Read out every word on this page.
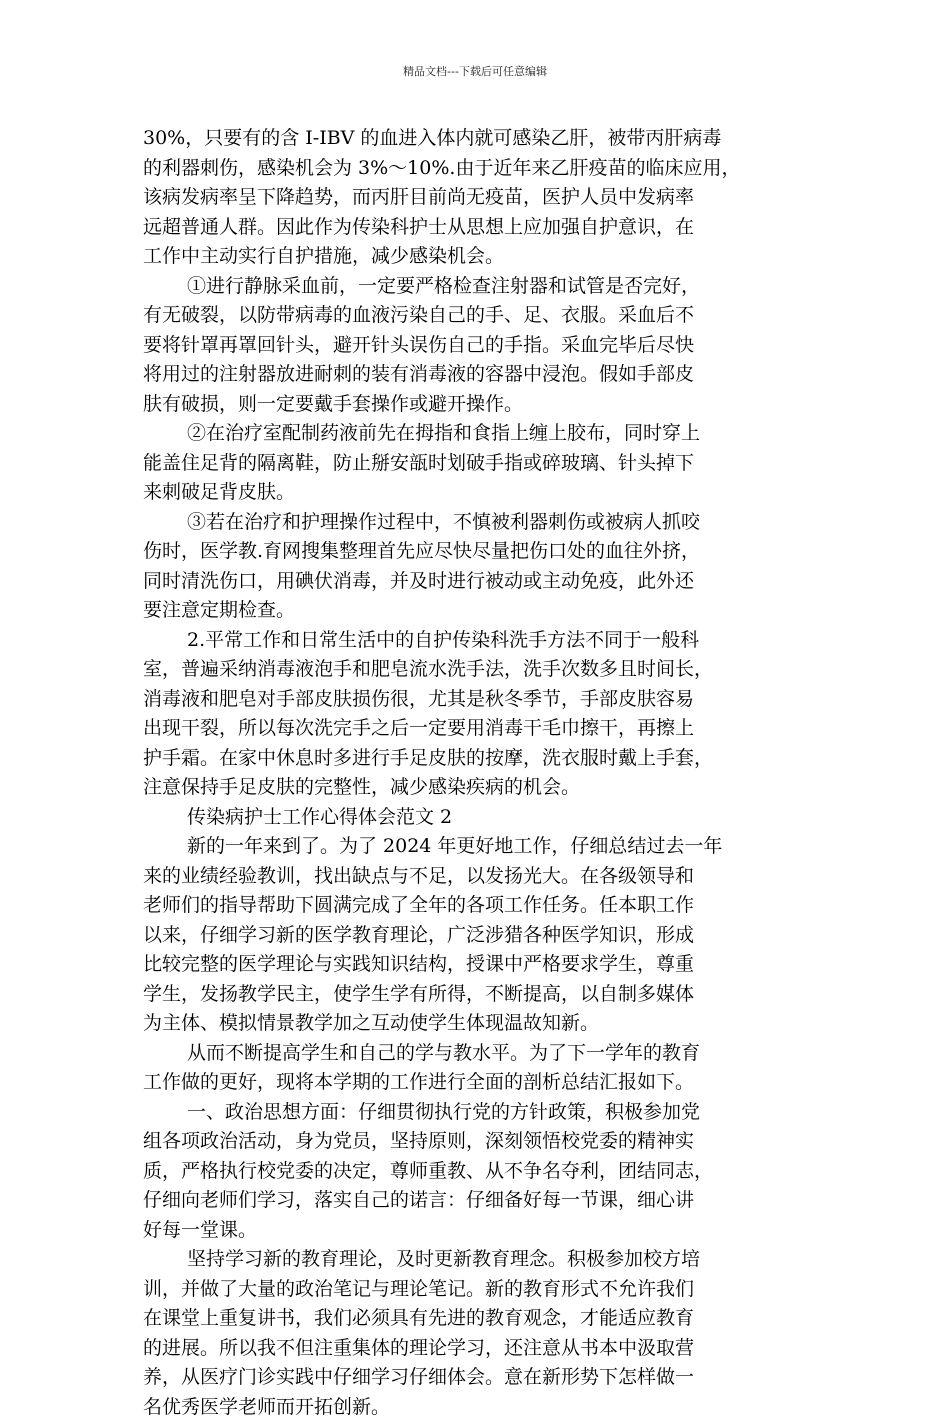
精品文档---下载后可任意编辑
30%，只要有的含 I-IBV 的血进入体内就可感染乙肝，被带丙肝病毒
的利器刺伤，感染机会为 3%～10%.由于近年来乙肝疫苗的临床应用，
该病发病率呈下降趋势，而丙肝目前尚无疫苗，医护人员中发病率
远超普通人群。因此作为传染科护士从思想上应加强自护意识，在
工作中主动实行自护措施，减少感染机会。
①进行静脉采血前，一定要严格检查注射器和试管是否完好，
有无破裂，以防带病毒的血液污染自己的手、足、衣服。采血后不
要将针罩再罩回针头，避开针头误伤自己的手指。采血完毕后尽快
将用过的注射器放进耐刺的装有消毒液的容器中浸泡。假如手部皮
肤有破损，则一定要戴手套操作或避开操作。
②在治疗室配制药液前先在拇指和食指上缠上胶布，同时穿上
能盖住足背的隔离鞋，防止掰安瓿时划破手指或碎玻璃、针头掉下
来刺破足背皮肤。
③若在治疗和护理操作过程中，不慎被利器刺伤或被病人抓咬
伤时，医学教.育网搜集整理首先应尽快尽量把伤口处的血往外挤，
同时清洗伤口，用碘伏消毒，并及时进行被动或主动免疫，此外还
要注意定期检查。
2.平常工作和日常生活中的自护传染科洗手方法不同于一般科
室，普遍采纳消毒液泡手和肥皂流水洗手法，洗手次数多且时间长，
消毒液和肥皂对手部皮肤损伤很，尤其是秋冬季节，手部皮肤容易
出现干裂，所以每次洗完手之后一定要用消毒干毛巾擦干，再擦上
护手霜。在家中休息时多进行手足皮肤的按摩，洗衣服时戴上手套，
注意保持手足皮肤的完整性，减少感染疾病的机会。
传染病护士工作心得体会范文 2
新的一年来到了。为了 2024 年更好地工作，仔细总结过去一年
来的业绩经验教训，找出缺点与不足，以发扬光大。在各级领导和
老师们的指导帮助下圆满完成了全年的各项工作任务。任本职工作
以来，仔细学习新的医学教育理论，广泛涉猎各种医学知识，形成
比较完整的医学理论与实践知识结构，授课中严格要求学生，尊重
学生，发扬教学民主，使学生学有所得，不断提高，以自制多媒体
为主体、模拟情景教学加之互动使学生体现温故知新。
从而不断提高学生和自己的学与教水平。为了下一学年的教育
工作做的更好，现将本学期的工作进行全面的剖析总结汇报如下。
一、政治思想方面：仔细贯彻执行党的方针政策，积极参加党
组各项政治活动，身为党员，坚持原则，深刻领悟校党委的精神实
质，严格执行校党委的决定，尊师重教、从不争名夺利，团结同志，
仔细向老师们学习，落实自己的诺言：仔细备好每一节课，细心讲
好每一堂课。
坚持学习新的教育理论，及时更新教育理念。积极参加校方培
训，并做了大量的政治笔记与理论笔记。新的教育形式不允许我们
在课堂上重复讲书，我们必须具有先进的教育观念，才能适应教育
的进展。所以我不但注重集体的理论学习，还注意从书本中汲取营
养，从医疗门诊实践中仔细学习仔细体会。意在新形势下怎样做一
名优秀医学老师而开拓创新。
